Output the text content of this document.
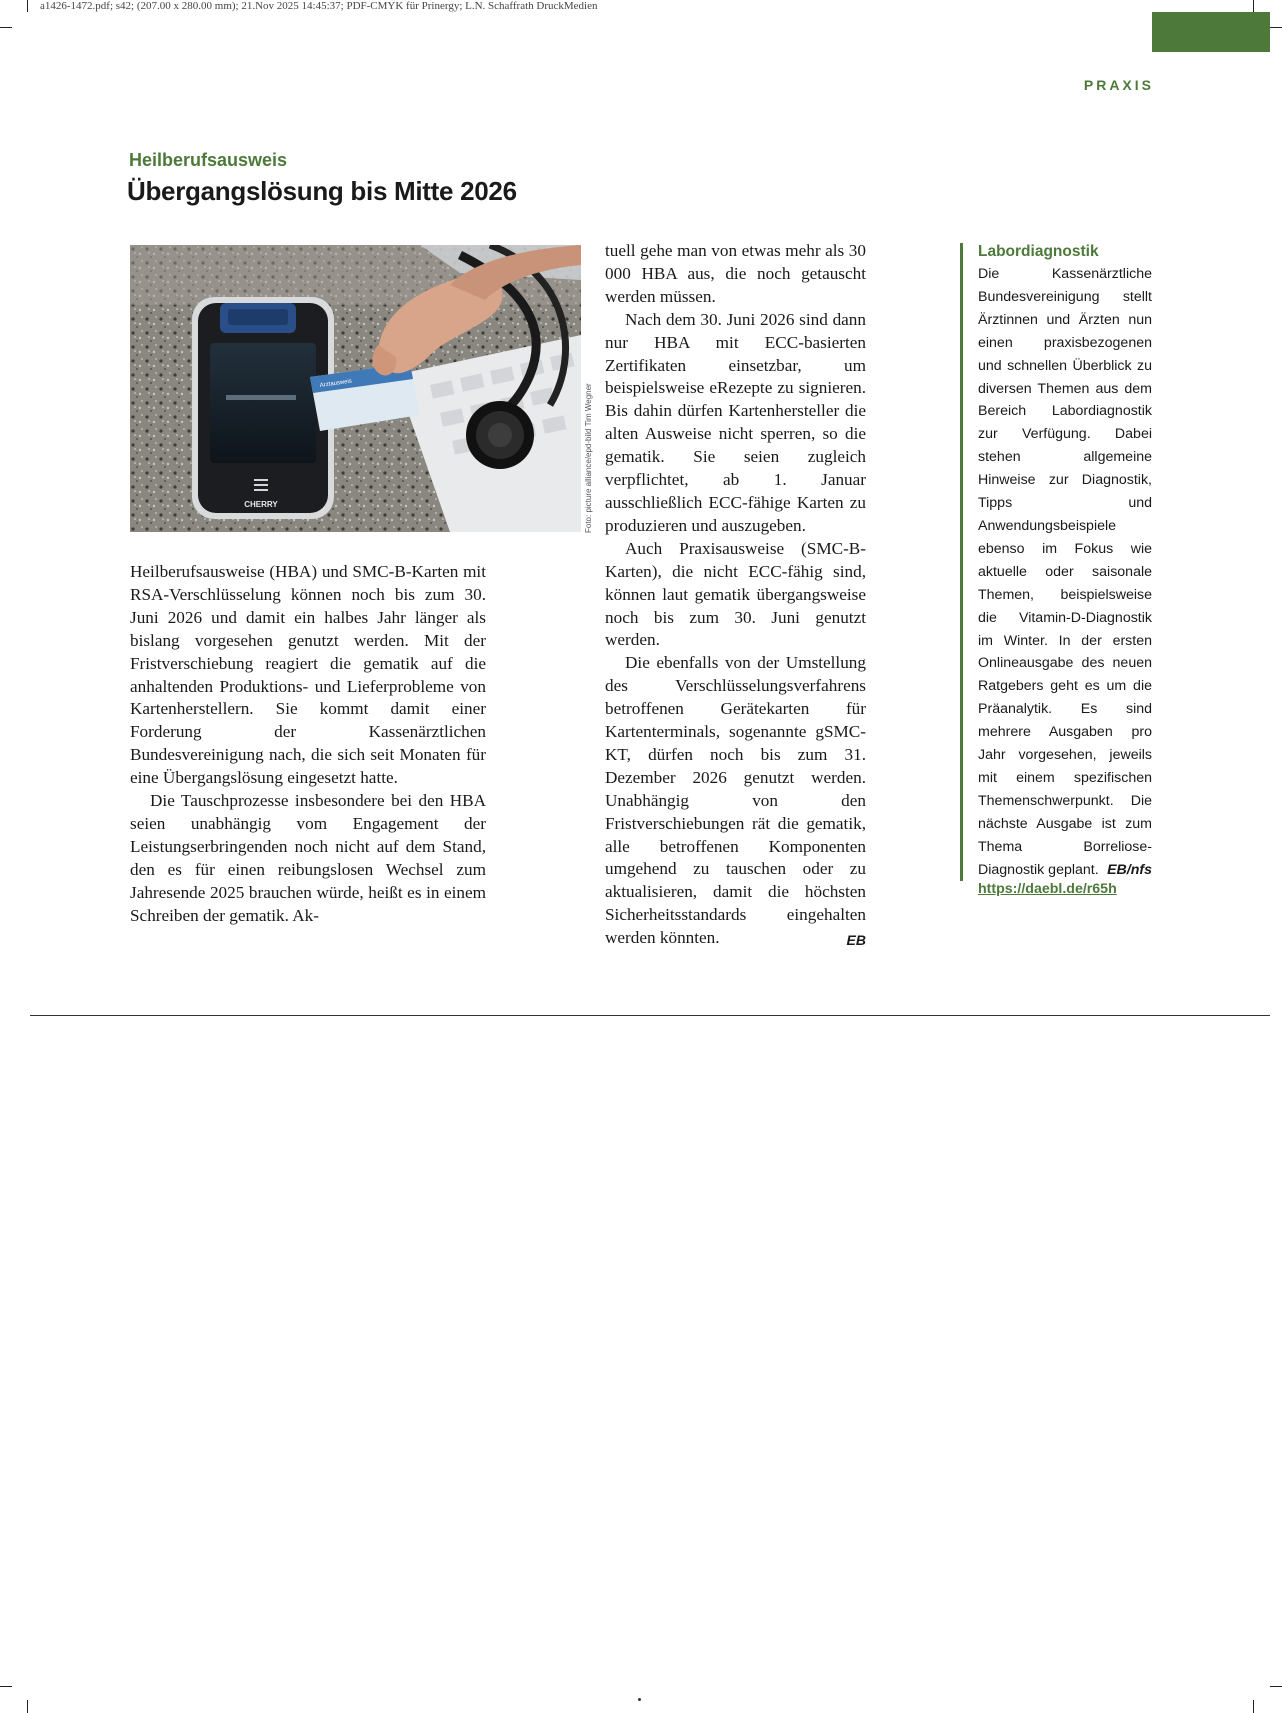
a1426-1472.pdf; s42; (207.00 x 280.00 mm); 21.Nov 2025 14:45:37; PDF-CMYK für Prinergy; L.N. Schaffrath DruckMedien
PRAXIS
Heilberufsausweis
Übergangslösung bis Mitte 2026
CHERRY
Arztausweis	Foto: picture alliance/epd-bild Tim Wegner

Heilberufsausweise (HBA) und SMC-B-Karten mit RSA-Verschlüsselung können noch bis zum 30. Juni 2026 und damit ein halbes Jahr länger als bislang vorgesehen genutzt werden. Mit der Fristverschiebung reagiert die gematik auf die anhaltenden Produktions- und Lieferprobleme von Kartenherstellern. Sie kommt damit einer Forderung der Kassenärztlichen Bundesvereinigung nach, die sich seit Monaten für eine Übergangslösung eingesetzt hatte.

Die Tauschprozesse insbesondere bei den HBA seien unabhängig vom Engagement der Leistungserbringenden noch nicht auf dem Stand, den es für einen reibungslosen Wechsel zum Jahresende 2025 brauchen würde, heißt es in einem Schreiben der gematik. Ak-

tuell gehe man von etwas mehr als 30 000 HBA aus, die noch getauscht werden müssen.

Nach dem 30. Juni 2026 sind dann nur HBA mit ECC-basierten Zertifikaten einsetzbar, um beispielsweise eRezepte zu signieren. Bis dahin dürfen Kartenhersteller die alten Ausweise nicht sperren, so die gematik. Sie seien zugleich verpflichtet, ab 1. Januar ausschließlich ECC-fähige Karten zu produzieren und auszugeben.

Auch Praxisausweise (SMC-B-Karten), die nicht ECC-fähig sind, können laut gematik übergangsweise noch bis zum 30. Juni genutzt werden.

Die ebenfalls von der Umstellung des Verschlüsselungsverfahrens betroffenen Gerätekarten für Kartenterminals, sogenannte gSMC-KT, dürfen noch bis zum 31. Dezember 2026 genutzt werden. Unabhängig von den Fristverschiebungen rät die gematik, alle betroffenen Komponenten umgehend zu tauschen oder zu aktualisieren, damit die höchsten Sicherheitsstandards eingehalten werden könnten.	EB

Labordiagnostik
Die Kassenärztliche Bundesvereinigung stellt Ärztinnen und Ärzten nun einen praxisbezogenen und schnellen Überblick zu diversen Themen aus dem Bereich Labordiagnostik zur Verfügung. Dabei stehen allgemeine Hinweise zur Diagnostik, Tipps und Anwendungsbeispiele ebenso im Fokus wie aktuelle oder saisonale Themen, beispielsweise die Vitamin-D-Diagnostik im Winter. In der ersten Onlineausgabe des neuen Ratgebers geht es um die Präanalytik. Es sind mehrere Ausgaben pro Jahr vorgesehen, jeweils mit einem spezifischen Themenschwerpunkt. Die nächste Ausgabe ist zum Thema Borreliose-Diagnostik geplant. EB/nfs
https://daebl.de/r65h
